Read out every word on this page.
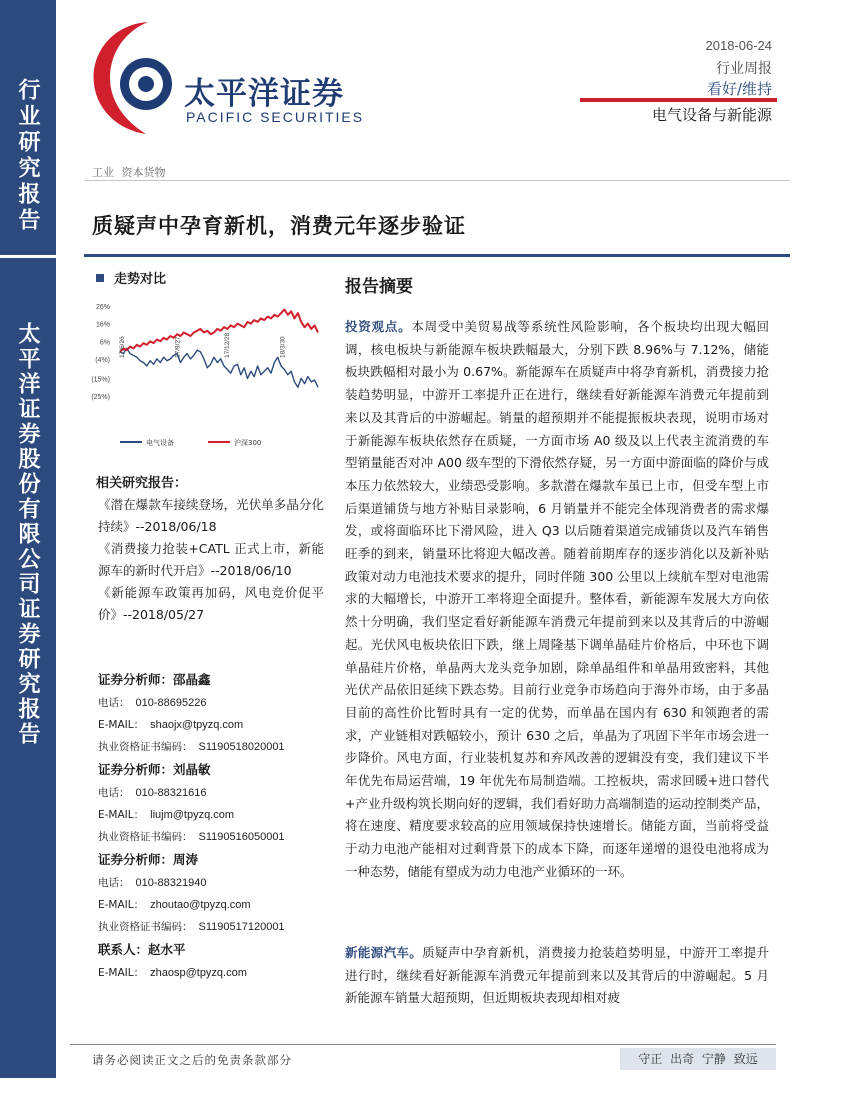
行业研究报告
太平洋证券股份有限公司证券研究报告
太平洋证券
PACIFIC SECURITIES
2018-06-24
行业周报
看好/维持
电气设备与新能源
工业 资本货物
质疑声中孕育新机，消费元年逐步验证
走势对比
26%
16%
6%
(4%)
(15%)
(25%)
17/6/26	17/9/27	17/12/28	18/3/30
电气设备	沪深300
相关研究报告：
《潜在爆款车接续登场，光伏单多晶分化持续》--2018/06/18
《消费接力抢装+CATL 正式上市，新能源车的新时代开启》--2018/06/10
《新能源车政策再加码，风电竞价促平价》--2018/05/27
证券分析师：邵晶鑫
电话： 010-88695226
E-MAIL： shaojx@tpyzq.com
执业资格证书编码： S1190518020001
证券分析师：刘晶敏
电话： 010-88321616
E-MAIL： liujm@tpyzq.com
执业资格证书编码： S1190516050001
证券分析师：周涛
电话： 010-88321940
E-MAIL： zhoutao@tpyzq.com
执业资格证书编码： S1190517120001
联系人：赵水平
E-MAIL： zhaosp@tpyzq.com
报告摘要
投资观点。本周受中美贸易战等系统性风险影响，各个板块均出现大幅回调，核电板块与新能源车板块跌幅最大，分别下跌 8.96%与 7.12%，储能板块跌幅相对最小为 0.67%。新能源车在质疑声中将孕育新机，消费接力抢装趋势明显，中游开工率提升正在进行，继续看好新能源车消费元年提前到来以及其背后的中游崛起。销量的超预期并不能提振板块表现，说明市场对于新能源车板块依然存在质疑，一方面市场 A0 级及以上代表主流消费的车型销量能否对冲 A00 级车型的下滑依然存疑，另一方面中游面临的降价与成本压力依然较大，业绩恐受影响。多款潜在爆款车虽已上市，但受车型上市后渠道铺货与地方补贴目录影响，6 月销量并不能完全体现消费者的需求爆发，或将面临环比下滑风险，进入 Q3 以后随着渠道完成铺货以及汽车销售旺季的到来，销量环比将迎大幅改善。随着前期库存的逐步消化以及新补贴政策对动力电池技术要求的提升，同时伴随 300 公里以上续航车型对电池需求的大幅增长，中游开工率将迎全面提升。整体看，新能源车发展大方向依然十分明确，我们坚定看好新能源车消费元年提前到来以及其背后的中游崛起。光伏风电板块依旧下跌，继上周隆基下调单晶硅片价格后，中环也下调单晶硅片价格，单晶两大龙头竞争加剧，除单晶组件和单晶用致密料，其他光伏产品依旧延续下跌态势。目前行业竞争市场趋向于海外市场，由于多晶目前的高性价比暂时具有一定的优势，而单晶在国内有 630 和领跑者的需求，产业链相对跌幅较小，预计 630 之后，单晶为了巩固下半年市场会进一步降价。风电方面，行业装机复苏和弃风改善的逻辑没有变，我们建议下半年优先布局运营端，19 年优先布局制造端。工控板块，需求回暖+进口替代+产业升级构筑长期向好的逻辑，我们看好助力高端制造的运动控制类产品，将在速度、精度要求较高的应用领域保持快速增长。储能方面，当前将受益于动力电池产能相对过剩背景下的成本下降，而逐年递增的退役电池将成为一种态势，储能有望成为动力电池产业循环的一环。
新能源汽车。质疑声中孕育新机，消费接力抢装趋势明显，中游开工率提升进行时，继续看好新能源车消费元年提前到来以及其背后的中游崛起。5 月新能源车销量大超预期，但近期板块表现却相对疲
请务必阅读正文之后的免责条款部分	守正 出奇 宁静 致远
